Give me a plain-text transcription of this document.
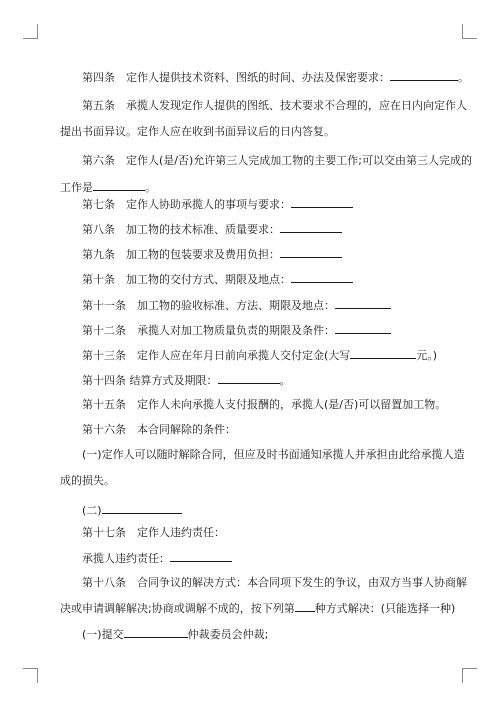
第四条　定作人提供技术资料、图纸的时间、办法及保密要求：	。
第五条　承揽人发现定作人提供的图纸、技术要求不合理的，应在日内向定作人
提出书面异议。定作人应在收到书面异议后的日内答复。
第六条　定作人(是/否)允许第三人完成加工物的主要工作;可以交由第三人完成的
工作是	。
第七条　定作人协助承揽人的事项与要求：
第八条　加工物的技术标准、质量要求：
第九条　加工物的包装要求及费用负担：
第十条　加工物的交付方式、期限及地点：
第十一条　加工物的验收标准、方法、期限及地点：
第十二条　承揽人对加工物质量负责的期限及条件：
第十三条　定作人应在年月日前向承揽人交付定金(大写	元。)
第十四条 结算方式及期限：	。
第十五条　定作人未向承揽人支付报酬的，承揽人(是/否)可以留置加工物。
第十六条　本合同解除的条件：
(一)定作人可以随时解除合同，但应及时书面通知承揽人并承担由此给承揽人造
成的损失。
(二)
第十七条　定作人违约责任：
承揽人违约责任：
第十八条　合同争议的解决方式：本合同项下发生的争议，由双方当事人协商解
决或申请调解解决;协商或调解不成的，按下列第 种方式解决：(只能选择一种)
(一)提交	仲裁委员会仲裁;
